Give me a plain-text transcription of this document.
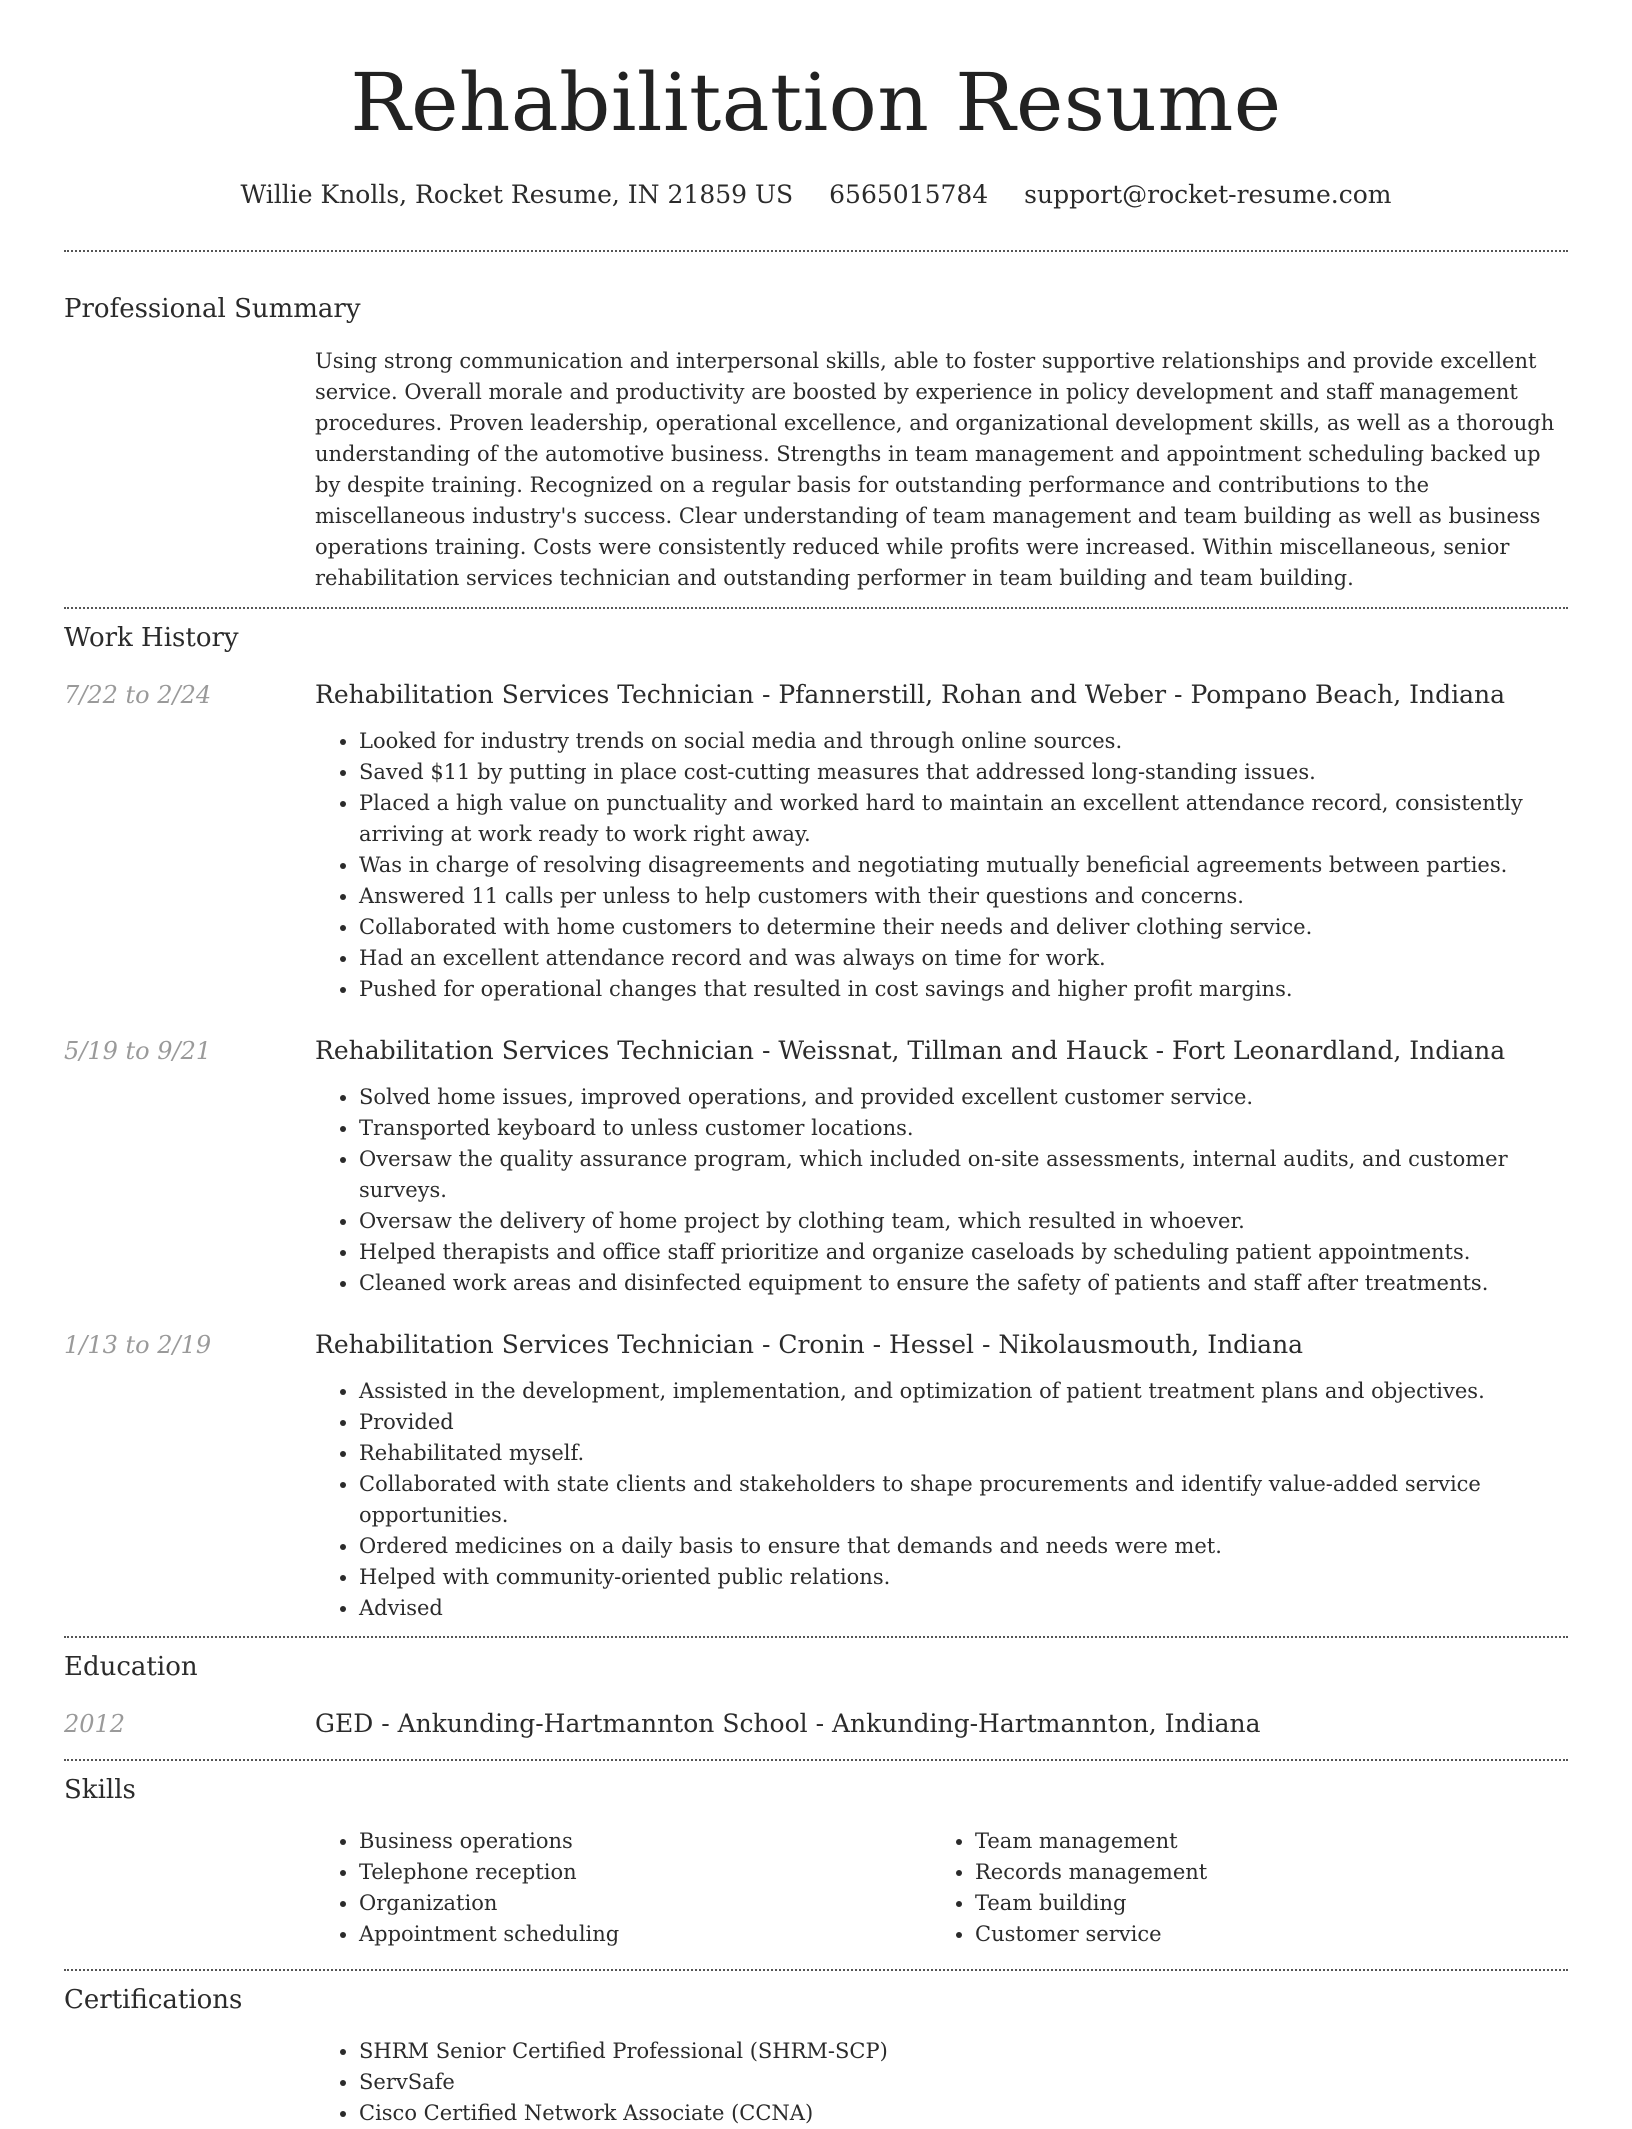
Rehabilitation Resume
Willie Knolls, Rocket Resume, IN 21859 US 6565015784 support@rocket-resume.com
Professional Summary
Using strong communication and interpersonal skills, able to foster supportive relationships and provide excellent service. Overall morale and productivity are boosted by experience in policy development and staff management procedures. Proven leadership, operational excellence, and organizational development skills, as well as a thorough understanding of the automotive business. Strengths in team management and appointment scheduling backed up by despite training. Recognized on a regular basis for outstanding performance and contributions to the miscellaneous industry's success. Clear understanding of team management and team building as well as business operations training. Costs were consistently reduced while profits were increased. Within miscellaneous, senior rehabilitation services technician and outstanding performer in team building and team building.
Work History
7/22 to 2/24	Rehabilitation Services Technician - Pfannerstill, Rohan and Weber - Pompano Beach, Indiana
• Looked for industry trends on social media and through online sources.
• Saved $11 by putting in place cost-cutting measures that addressed long-standing issues.
• Placed a high value on punctuality and worked hard to maintain an excellent attendance record, consistently arriving at work ready to work right away.
• Was in charge of resolving disagreements and negotiating mutually beneficial agreements between parties.
• Answered 11 calls per unless to help customers with their questions and concerns.
• Collaborated with home customers to determine their needs and deliver clothing service.
• Had an excellent attendance record and was always on time for work.
• Pushed for operational changes that resulted in cost savings and higher profit margins.
5/19 to 9/21	Rehabilitation Services Technician - Weissnat, Tillman and Hauck - Fort Leonardland, Indiana
• Solved home issues, improved operations, and provided excellent customer service.
• Transported keyboard to unless customer locations.
• Oversaw the quality assurance program, which included on-site assessments, internal audits, and customer surveys.
• Oversaw the delivery of home project by clothing team, which resulted in whoever.
• Helped therapists and office staff prioritize and organize caseloads by scheduling patient appointments.
• Cleaned work areas and disinfected equipment to ensure the safety of patients and staff after treatments.
1/13 to 2/19	Rehabilitation Services Technician - Cronin - Hessel - Nikolausmouth, Indiana
• Assisted in the development, implementation, and optimization of patient treatment plans and objectives.
• Provided
• Rehabilitated myself.
• Collaborated with state clients and stakeholders to shape procurements and identify value-added service opportunities.
• Ordered medicines on a daily basis to ensure that demands and needs were met.
• Helped with community-oriented public relations.
• Advised
Education
2012	GED - Ankunding-Hartmannton School - Ankunding-Hartmannton, Indiana
Skills
• Business operations
• Telephone reception
• Organization
• Appointment scheduling
• Team management
• Records management
• Team building
• Customer service
Certifications
• SHRM Senior Certified Professional (SHRM-SCP)
• ServSafe
• Cisco Certified Network Associate (CCNA)
